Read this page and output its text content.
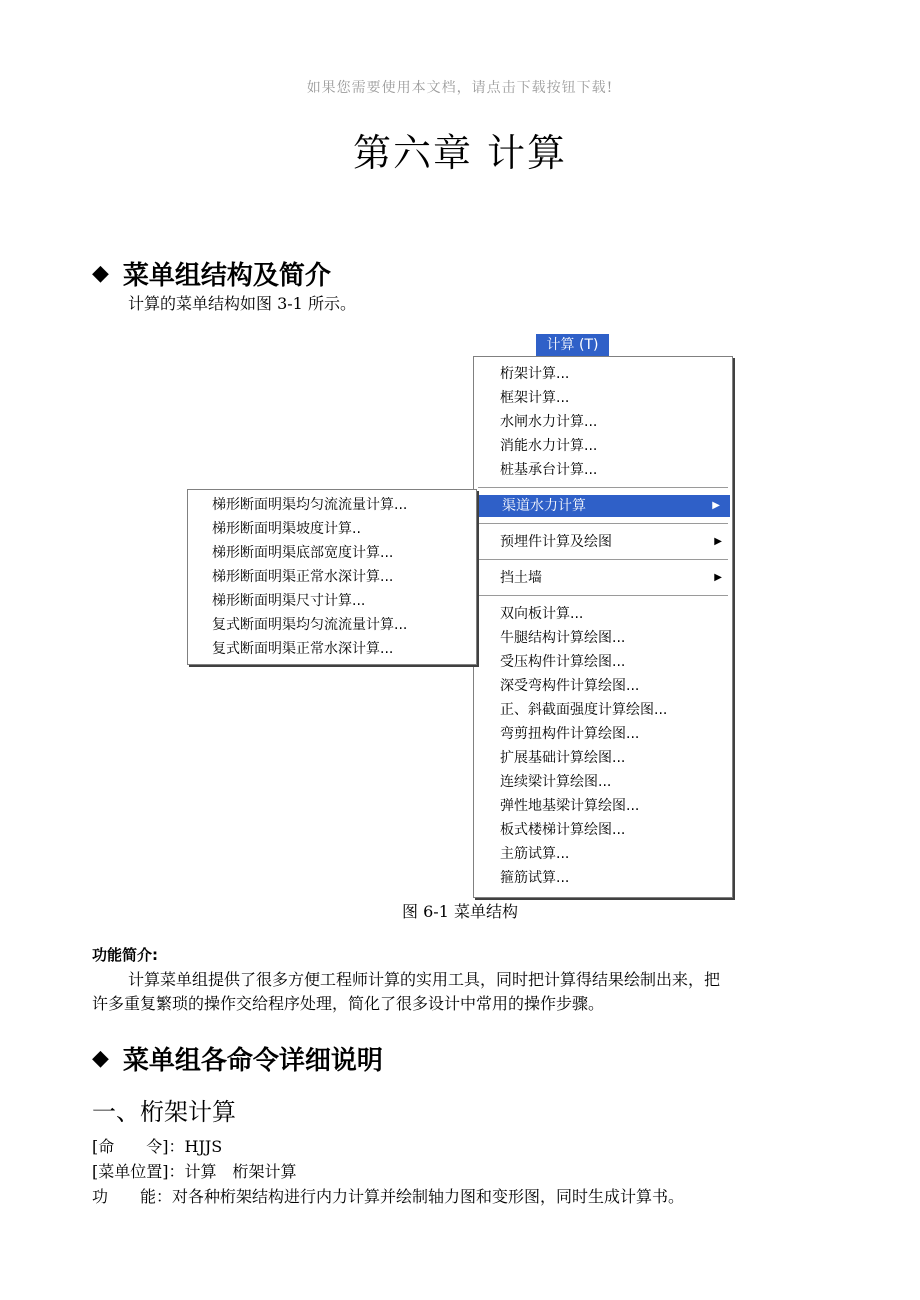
如果您需要使用本文档，请点击下载按钮下载!
第六章 计算
◆ 菜单组结构及简介
计算的菜单结构如图 3-1 所示。
计算 (T)
桁架计算...
框架计算...
水闸水力计算...
消能水力计算...
桩基承台计算...
渠道水力计算	▶
预埋件计算及绘图	▶
挡土墙	▶
双向板计算...
牛腿结构计算绘图...
受压构件计算绘图...
深受弯构件计算绘图...
正、斜截面强度计算绘图...
弯剪扭构件计算绘图...
扩展基础计算绘图...
连续梁计算绘图...
弹性地基梁计算绘图...
板式楼梯计算绘图...
主筋试算...
箍筋试算...
梯形断面明渠均匀流流量计算...
梯形断面明渠坡度计算..
梯形断面明渠底部宽度计算...
梯形断面明渠正常水深计算...
梯形断面明渠尺寸计算...
复式断面明渠均匀流流量计算...
复式断面明渠正常水深计算...
图 6-1 菜单结构
功能简介:
计算菜单组提供了很多方便工程师计算的实用工具，同时把计算得结果绘制出来，把
许多重复繁琐的操作交给程序处理，简化了很多设计中常用的操作步骤。
◆ 菜单组各命令详细说明
一、桁架计算
[命　　令]：HJJS
[菜单位置]：计算　桁架计算
功　　能：对各种桁架结构进行内力计算并绘制轴力图和变形图，同时生成计算书。
